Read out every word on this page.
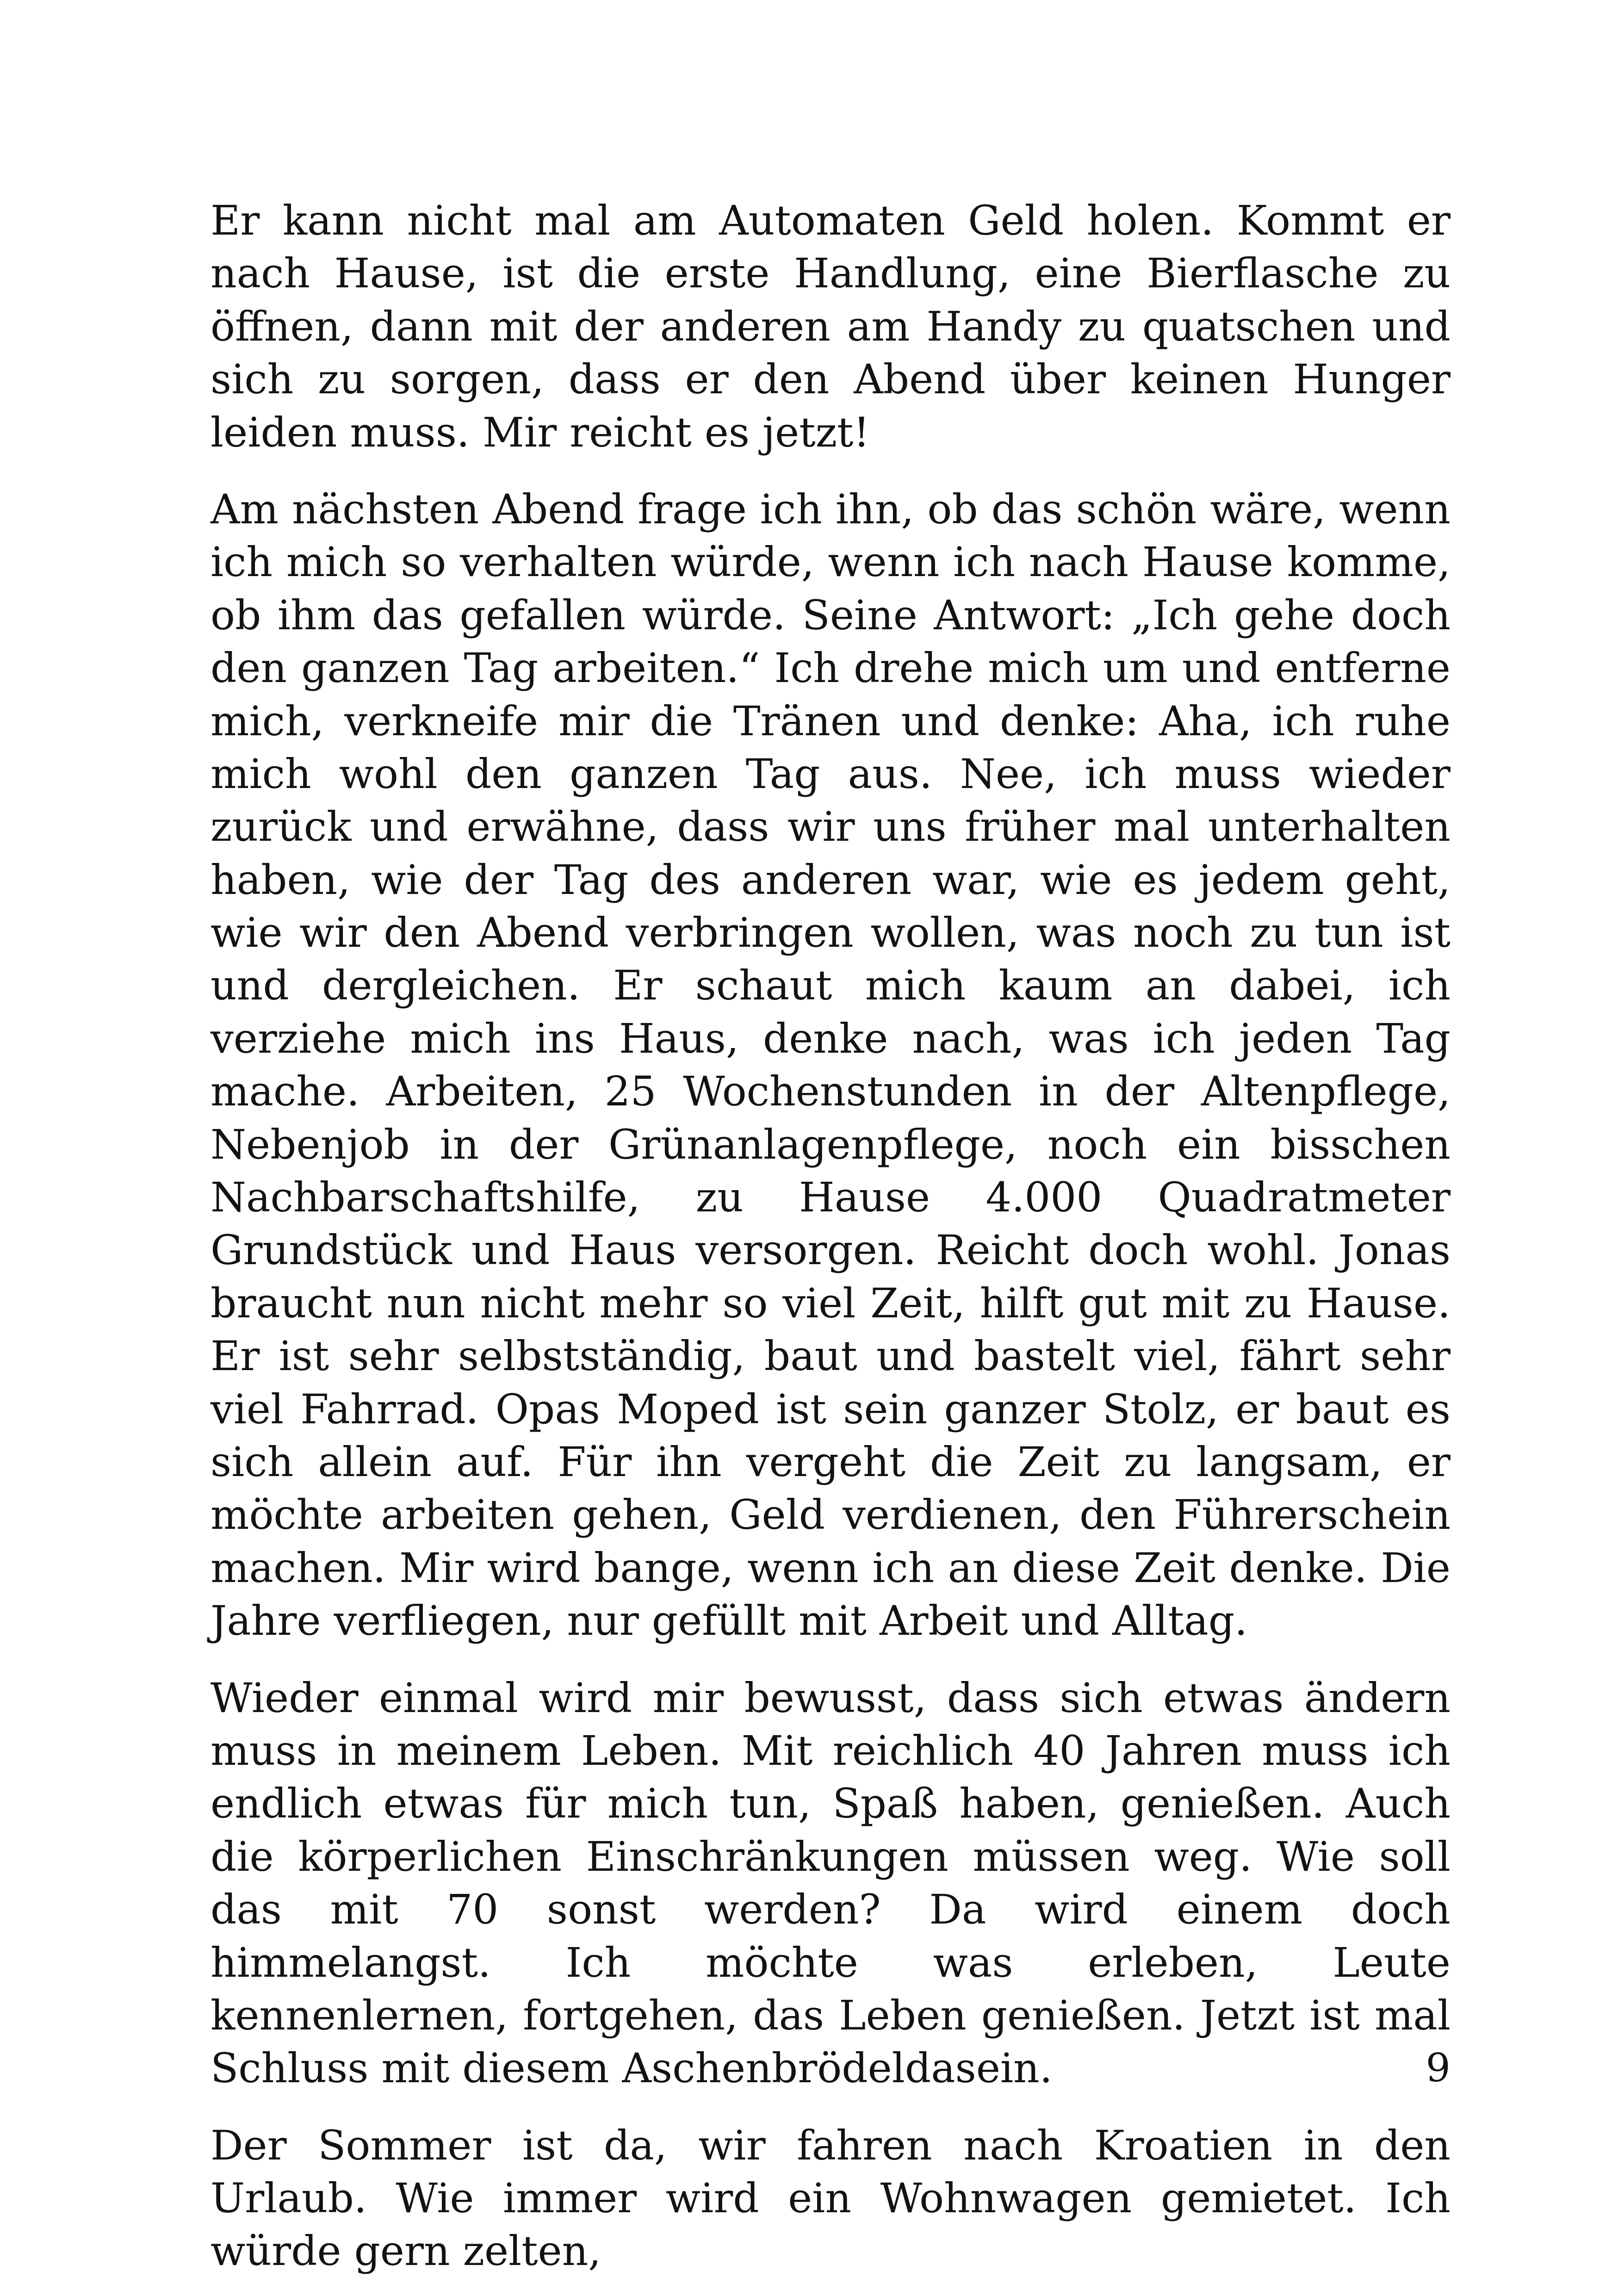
Er kann nicht mal am Automaten Geld holen. Kommt er nach Hause, ist die erste Handlung, eine Bierflasche zu öffnen, dann mit der anderen am Handy zu quatschen und sich zu sorgen, dass er den Abend über keinen Hunger leiden muss. Mir reicht es jetzt!

Am nächsten Abend frage ich ihn, ob das schön wäre, wenn ich mich so verhalten würde, wenn ich nach Hause komme, ob ihm das gefallen würde. Seine Antwort: „Ich gehe doch den ganzen Tag arbeiten.“ Ich drehe mich um und entferne mich, verkneife mir die Tränen und denke: Aha, ich ruhe mich wohl den ganzen Tag aus. Nee, ich muss wieder zurück und erwähne, dass wir uns früher mal unterhalten haben, wie der Tag des anderen war, wie es jedem geht, wie wir den Abend verbringen wollen, was noch zu tun ist und dergleichen. Er schaut mich kaum an dabei, ich verziehe mich ins Haus, denke nach, was ich jeden Tag mache. Arbeiten, 25 Wochenstunden in der Altenpflege, Nebenjob in der Grünanlagenpflege, noch ein bisschen Nachbarschaftshilfe, zu Hause 4.000 Quadratmeter Grundstück und Haus versorgen. Reicht doch wohl. Jonas braucht nun nicht mehr so viel Zeit, hilft gut mit zu Hause. Er ist sehr selbstständig, baut und bastelt viel, fährt sehr viel Fahrrad. Opas Moped ist sein ganzer Stolz, er baut es sich allein auf. Für ihn vergeht die Zeit zu langsam, er möchte arbeiten gehen, Geld verdienen, den Führerschein machen. Mir wird bange, wenn ich an diese Zeit denke. Die Jahre verfliegen, nur gefüllt mit Arbeit und Alltag.

Wieder einmal wird mir bewusst, dass sich etwas ändern muss in meinem Leben. Mit reichlich 40 Jahren muss ich endlich etwas für mich tun, Spaß haben, genießen. Auch die körperlichen Einschränkungen müssen weg. Wie soll das mit 70 sonst werden? Da wird einem doch himmelangst. Ich möchte was erleben, Leute kennenlernen, fortgehen, das Leben genießen. Jetzt ist mal Schluss mit diesem Aschenbrödeldasein.

Der Sommer ist da, wir fahren nach Kroatien in den Urlaub. Wie immer wird ein Wohnwagen gemietet. Ich würde gern zelten,

9
